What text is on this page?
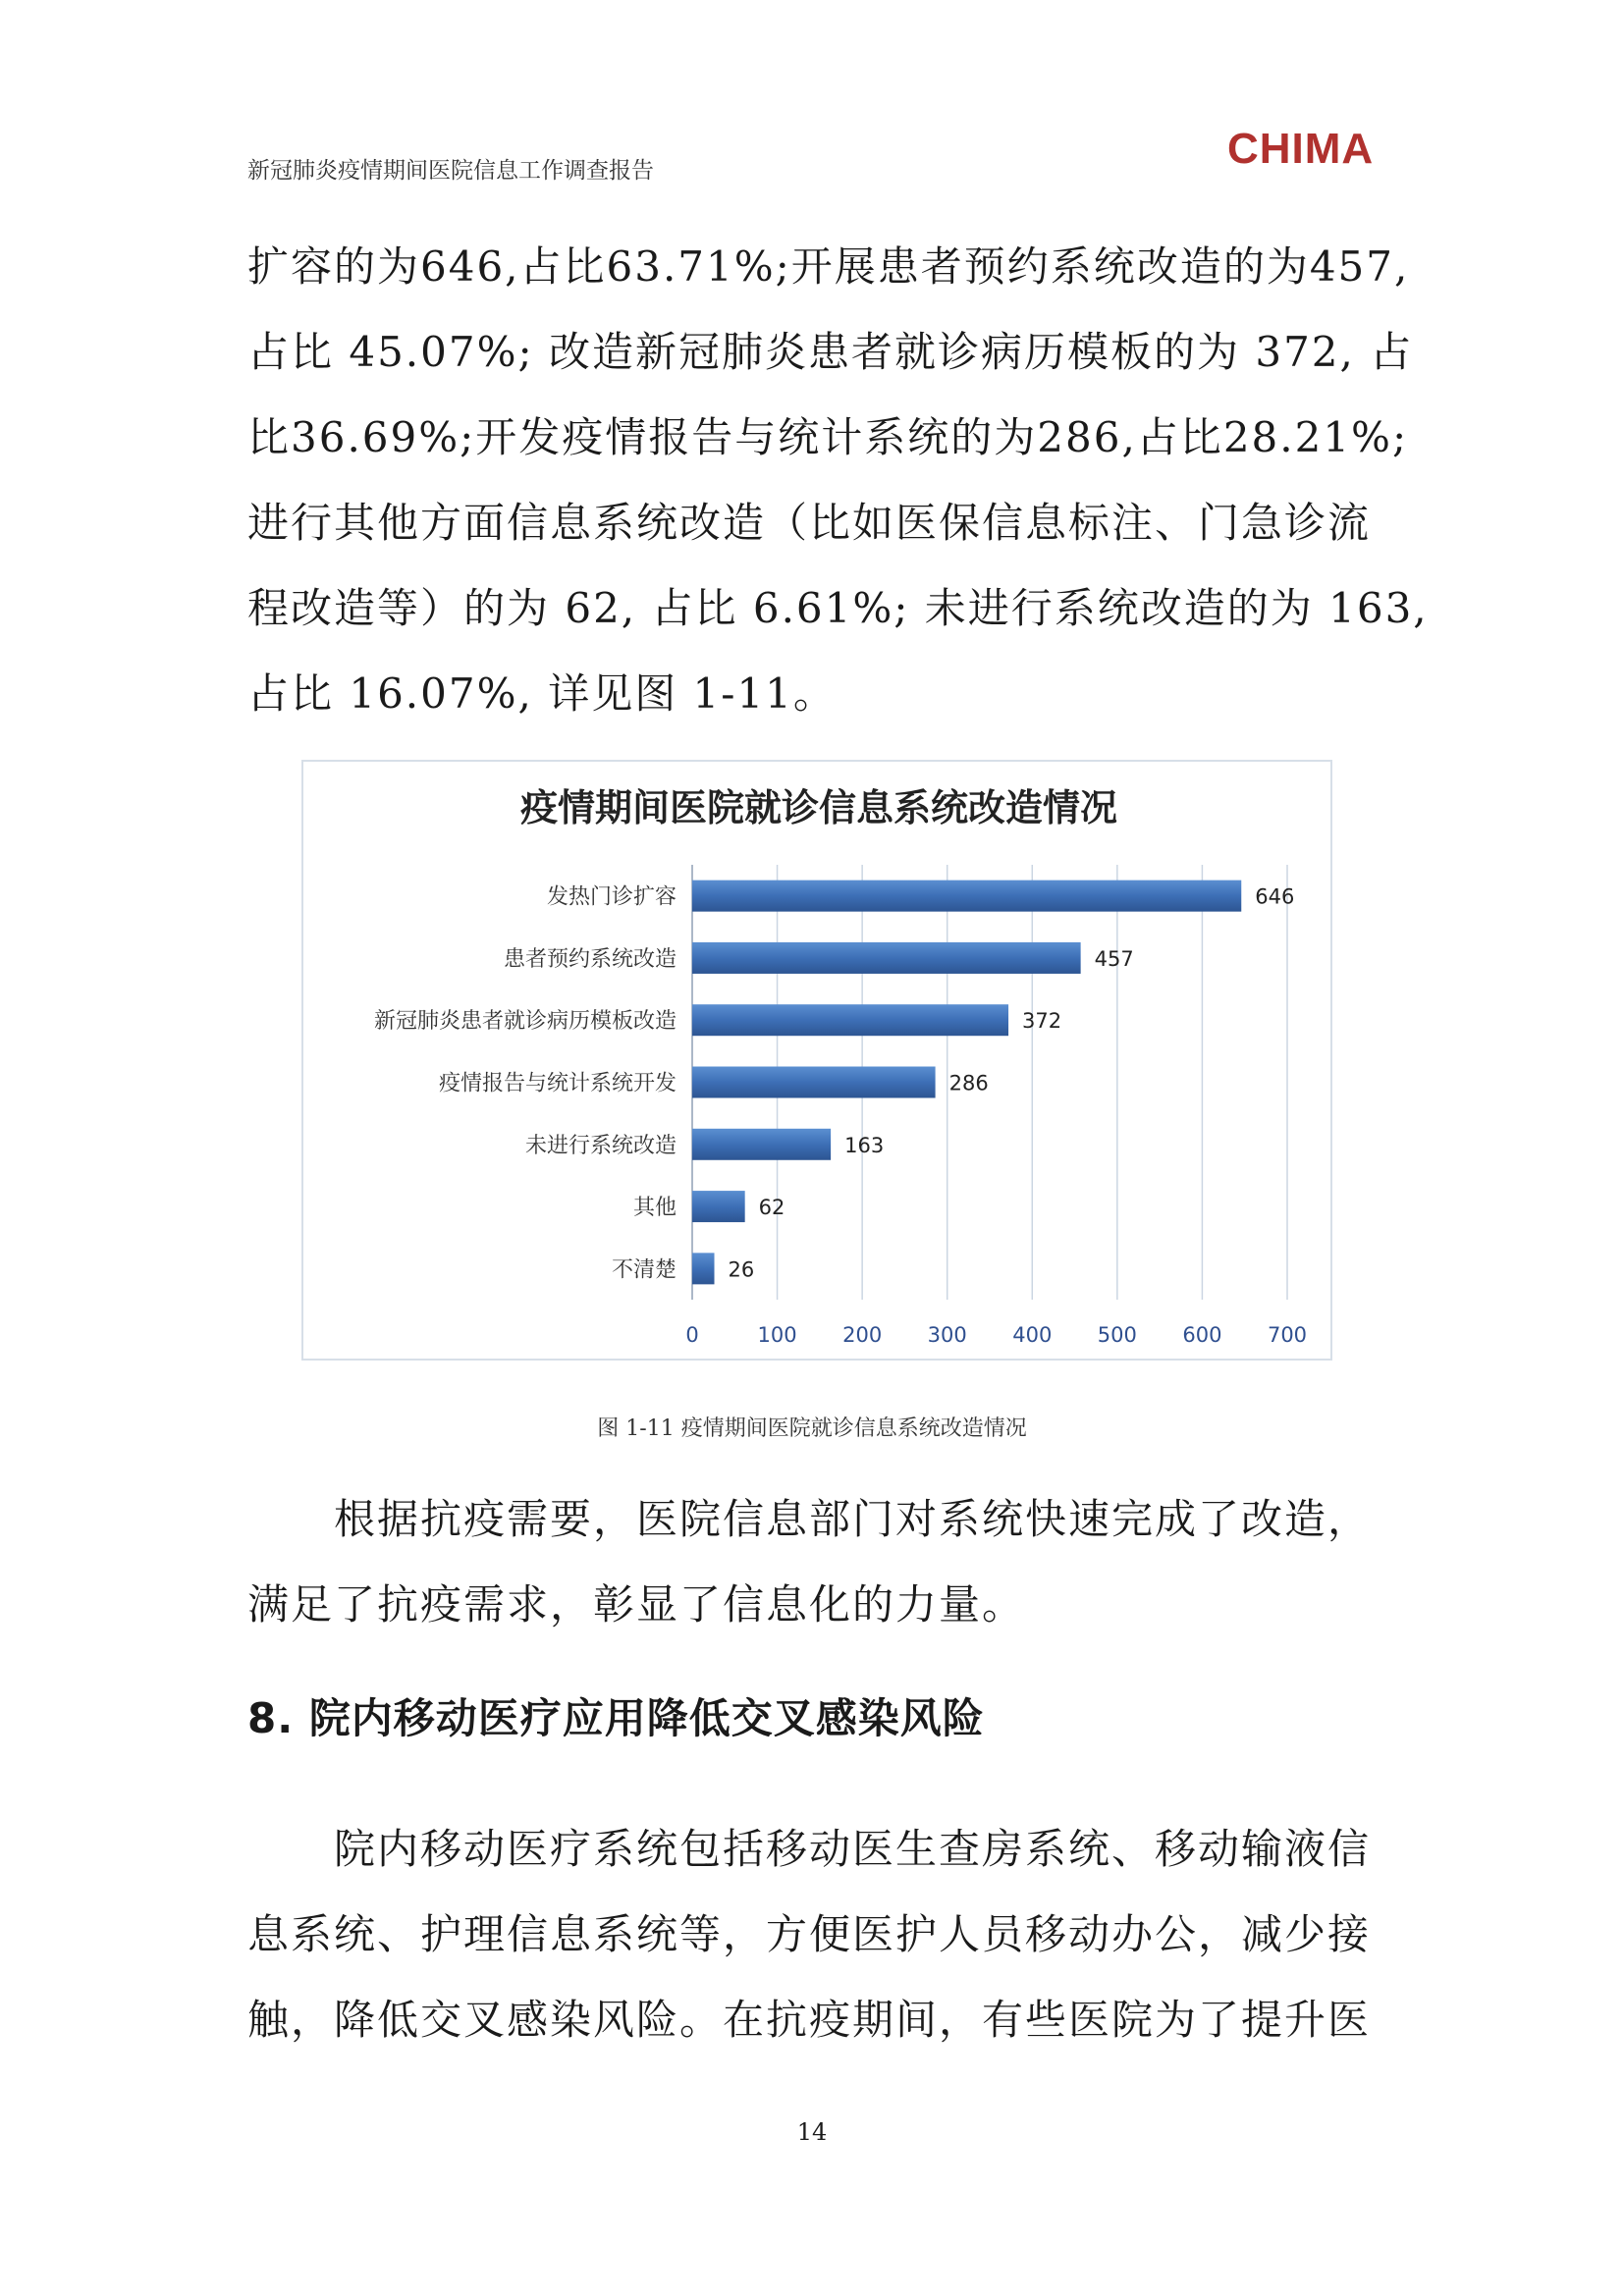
新冠肺炎疫情期间医院信息工作调查报告	CHIMA
扩容的为646,占比63.71%;开展患者预约系统改造的为457,
占比 45.07%; 改造新冠肺炎患者就诊病历模板的为 372, 占
比36.69%;开发疫情报告与统计系统的为286,占比28.21%;
进行其他方面信息系统改造（比如医保信息标注、门急诊流
程改造等）的为 62, 占比 6.61%; 未进行系统改造的为 163,
占比 16.07%, 详见图 1-11。
疫情期间医院就诊信息系统改造情况
0	100 200 300 400 500 600 700
发热门诊扩容	646
患者预约系统改造	457
新冠肺炎患者就诊病历模板改造	372
疫情报告与统计系统开发	286
未进行系统改造	163
其他	62
不清楚	26
图 1-11 疫情期间医院就诊信息系统改造情况
根据抗疫需要，医院信息部门对系统快速完成了改造，
满足了抗疫需求，彰显了信息化的力量。
8. 院内移动医疗应用降低交叉感染风险
院内移动医疗系统包括移动医生查房系统、移动输液信
息系统、护理信息系统等，方便医护人员移动办公，减少接
触，降低交叉感染风险。在抗疫期间，有些医院为了提升医
14
